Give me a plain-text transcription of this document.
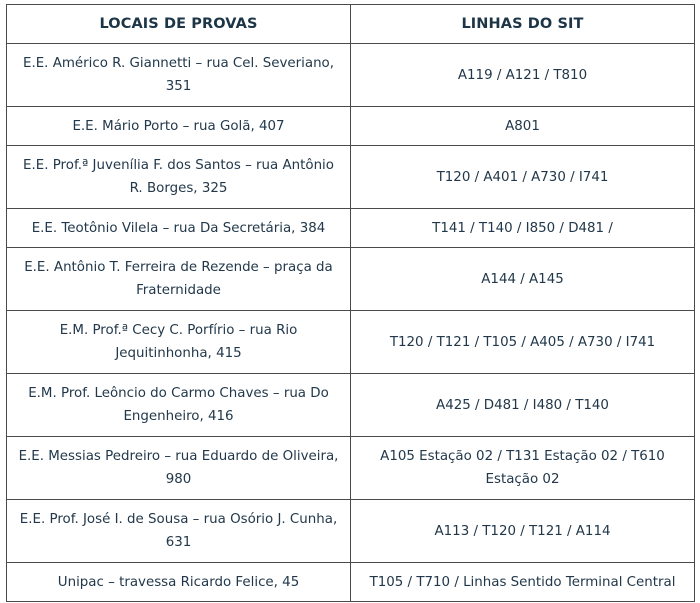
LOCAIS DE PROVAS	LINHAS DO SIT
E.E. Américo R. Giannetti – rua Cel. Severiano, 351	A119 / A121 / T810
E.E. Mário Porto – rua Golã, 407	A801
E.E. Prof.ª Juvenília F. dos Santos – rua Antônio R. Borges, 325	T120 / A401 / A730 / I741
E.E. Teotônio Vilela – rua Da Secretária, 384	T141 / T140 / I850 / D481 /
E.E. Antônio T. Ferreira de Rezende – praça da Fraternidade	A144 / A145
E.M. Prof.ª Cecy C. Porfírio – rua Rio Jequitinhonha, 415	T120 / T121 / T105 / A405 / A730 / I741
E.M. Prof. Leôncio do Carmo Chaves – rua Do Engenheiro, 416	A425 / D481 / I480 / T140
E.E. Messias Pedreiro – rua Eduardo de Oliveira, 980	A105 Estação 02 / T131 Estação 02 / T610 Estação 02
E.E. Prof. José I. de Sousa – rua Osório J. Cunha, 631	A113 / T120 / T121 / A114
Unipac – travessa Ricardo Felice, 45	T105 / T710 / Linhas Sentido Terminal Central
